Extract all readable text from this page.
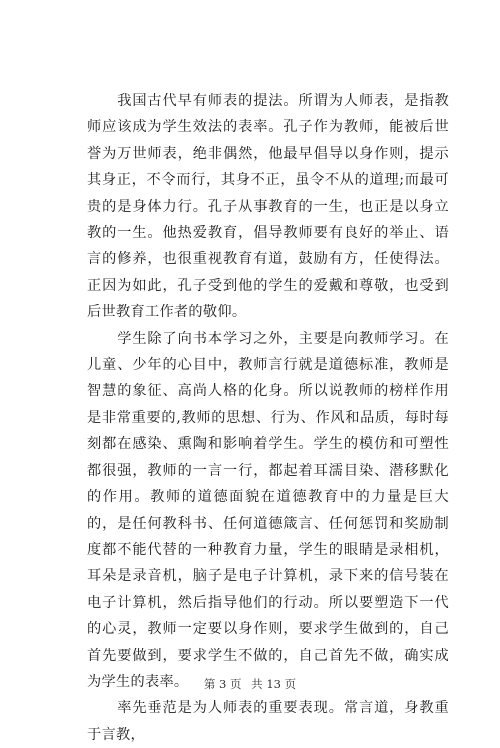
　　我国古代早有师表的提法。所谓为人师表，是指教师应该成为学生效法的表率。孔子作为教师，能被后世誉为万世师表，绝非偶然，他最早倡导以身作则，提示其身正，不令而行，其身不正，虽令不从的道理;而最可贵的是身体力行。孔子从事教育的一生，也正是以身立教的一生。他热爱教育，倡导教师要有良好的举止、语言的修养，也很重视教育有道，鼓励有方，任使得法。正因为如此，孔子受到他的学生的爱戴和尊敬，也受到后世教育工作者的敬仰。

　　学生除了向书本学习之外，主要是向教师学习。在儿童、少年的心目中，教师言行就是道德标准，教师是智慧的象征、高尚人格的化身。所以说教师的榜样作用是非常重要的,教师的思想、行为、作风和品质，每时每刻都在感染、熏陶和影响着学生。学生的模仿和可塑性都很强，教师的一言一行，都起着耳濡目染、潜移默化的作用。教师的道德面貌在道德教育中的力量是巨大的，是任何教科书、任何道德箴言、任何惩罚和奖励制度都不能代替的一种教育力量，学生的眼睛是录相机，耳朵是录音机，脑子是电子计算机，录下来的信号装在电子计算机，然后指导他们的行动。所以要塑造下一代的心灵，教师一定要以身作则，要求学生做到的，自己首先要做到，要求学生不做的，自己首先不做，确实成为学生的表率。

　　率先垂范是为人师表的重要表现。常言道，身教重于言教，

第 3 页 共 13 页
